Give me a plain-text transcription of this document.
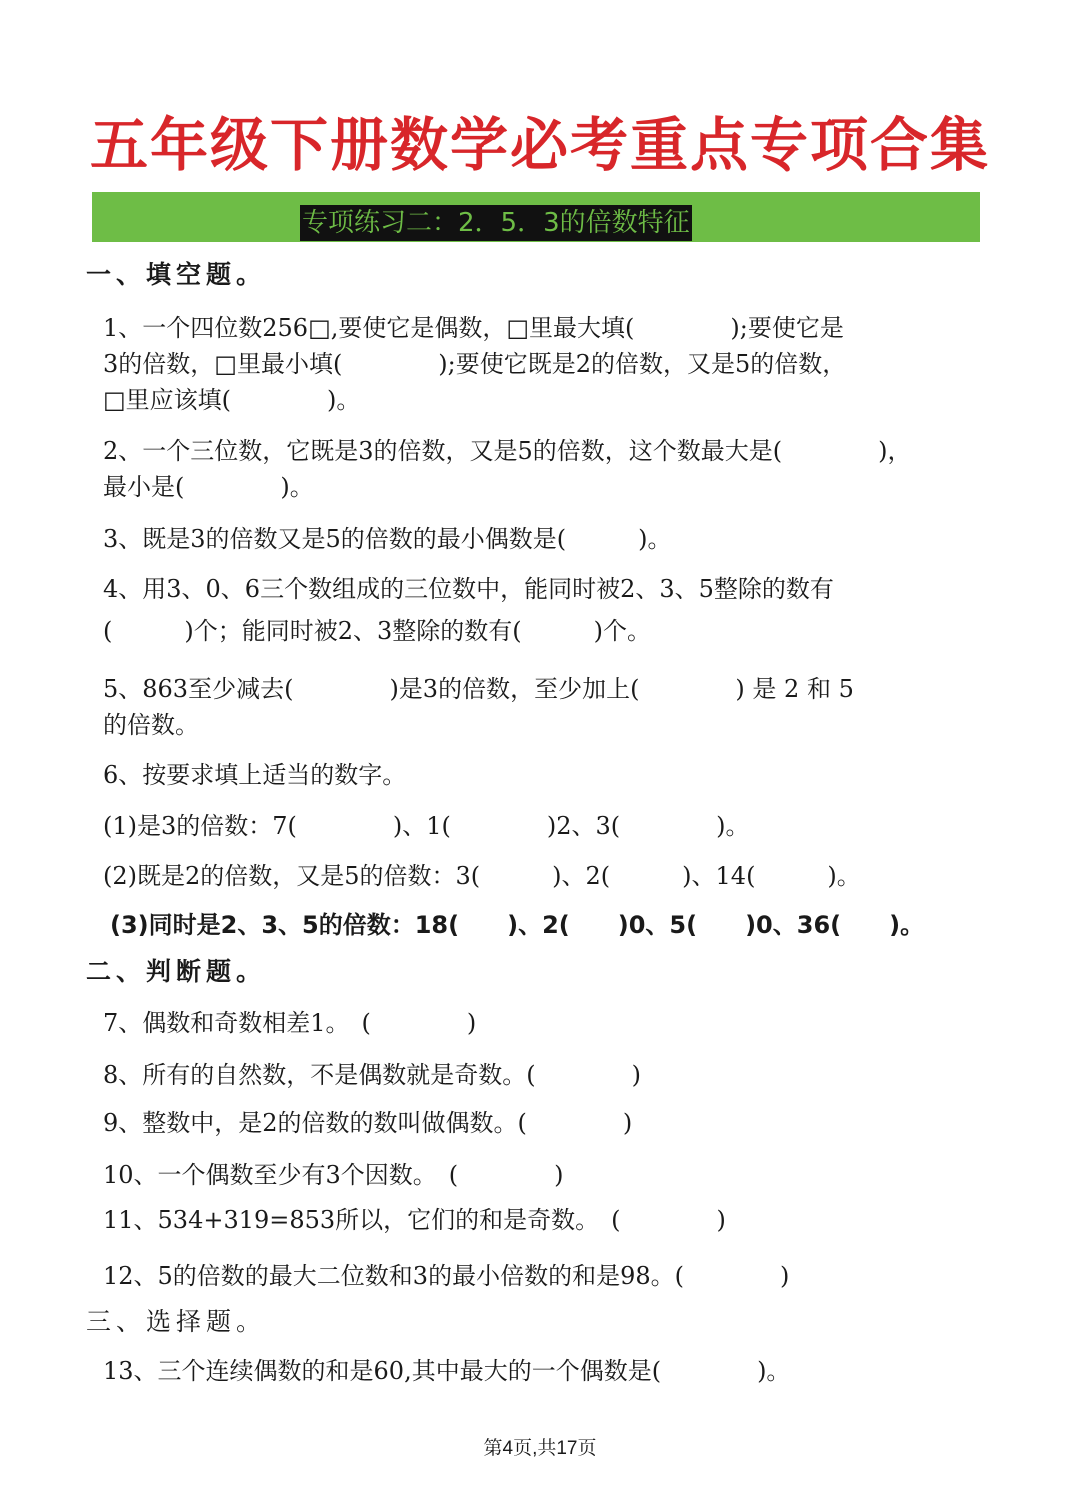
五年级下册数学必考重点专项合集
专项练习二：2．5．3的倍数特征
一、填空题。
1、一个四位数256□,要使它是偶数，□里最大填(　　　　);要使它是
3的倍数，□里最小填(　　　　);要使它既是2的倍数，又是5的倍数，
□里应该填(　　　　)。
2、一个三位数，它既是3的倍数，又是5的倍数，这个数最大是(　　　　)，
最小是(　　　　)。
3、既是3的倍数又是5的倍数的最小偶数是(　　　)。
4、用3、0、6三个数组成的三位数中，能同时被2、3、5整除的数有
(　　　)个；能同时被2、3整除的数有(　　　)个。
5、863至少减去(　　　　)是3的倍数，至少加上(　　　　) 是 2 和 5
的倍数。
6、按要求填上适当的数字。
(1)是3的倍数：7(　　　　)、1(　　　　)2、3(　　　　)。
(2)既是2的倍数，又是5的倍数：3(　　　)、2(　　　)、14(　　　)。
(3)同时是2、3、5的倍数：18(　　)、2(　　)0、5(　　)0、36(　　)。
二、判断题。
7、偶数和奇数相差1。　(　　　　)
8、所有的自然数，不是偶数就是奇数。(　　　　)
9、整数中，是2的倍数的数叫做偶数。(　　　　)
10、一个偶数至少有3个因数。　(　　　　)
11、534+319=853所以，它们的和是奇数。　(　　　　)
12、5的倍数的最大二位数和3的最小倍数的和是98。(　　　　)
三、选择题。
13、三个连续偶数的和是60,其中最大的一个偶数是(　　　　)。
第4页,共17页
